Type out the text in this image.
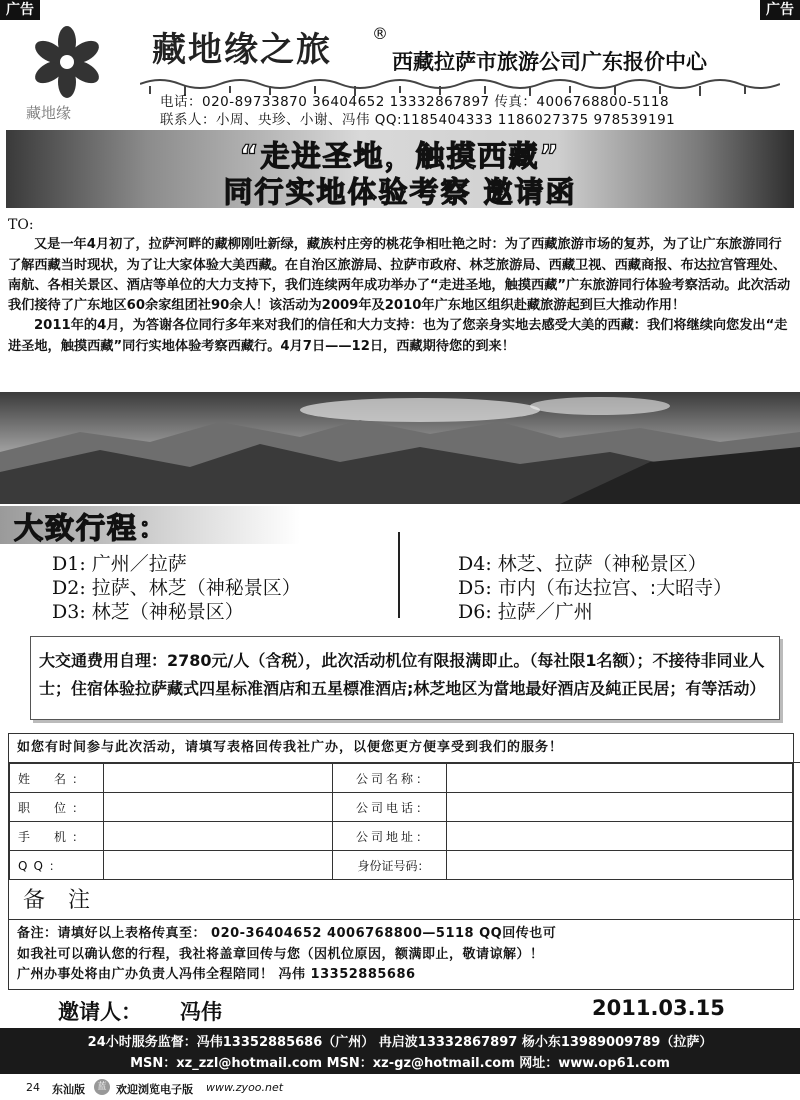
广告	广告
藏地缘
藏地缘之旅	®
西藏拉萨市旅游公司广东报价中心
电话：020-89733870 36404652 13332867897 传真：4006768800-5118
联系人：小周、央珍、小谢、冯伟 QQ:1185404333 1186027375 978539191
“走进圣地，触摸西藏”
同行实地体验考察 邀请函

TO:

又是一年4月初了，拉萨河畔的藏柳刚吐新绿，藏族村庄旁的桃花争相吐艳之时：为了西藏旅游市场的复苏，为了让广东旅游同行了解西藏当时现状，为了让大家体验大美西藏。在自治区旅游局、拉萨市政府、林芝旅游局、西藏卫视、西藏商报、布达拉宫管理处、南航、各相关景区、酒店等单位的大力支持下，我们连续两年成功举办了“走进圣地，触摸西藏”广东旅游同行体验考察活动。此次活动我们接待了广东地区60余家组团社90余人！该活动为2009年及2010年广东地区组织赴藏旅游起到巨大推动作用！

2011年的4月，为答谢各位同行多年来对我们的信任和大力支持：也为了您亲身实地去感受大美的西藏：我们将继续向您发出“走进圣地，触摸西藏”同行实地体验考察西藏行。4月7日——12日，西藏期待您的到来！

大致行程：
D1: 广州／拉萨
D2: 拉萨、林芝（神秘景区）
D3: 林芝（神秘景区）
D4: 林芝、拉萨（神秘景区）
D5: 市内（布达拉宫、:大昭寺）
D6: 拉萨／广州
大交通费用自理：2780元/人（含税），此次活动机位有限报满即止。（每社限1名额）；不接待非同业人士；住宿体验拉萨藏式四星标准酒店和五星標准酒店;林芝地区为當地最好酒店及純正民居；有等活动）
如您有时间参与此次活动，请填写表格回传我社广办，以便您更方便享受到我们的服务！
姓　名：		公司名称：	
职　位：		公司电话：	
手　机：		公司地址：	
QQ：		身份证号码：	
备 注
备注：请填好以上表格传真至： 020-36404652 4006768800—5118 QQ回传也可
如我社可以确认您的行程，我社将盖章回传与您（因机位原因，额满即止，敬请谅解）！
广州办事处将由广办负责人冯伟全程陪同！ 冯伟 13352885686
邀请人： 冯伟	2011.03.15
24小时服务监督：冯伟13352885686（广州） 冉启波13332867897 杨小东13989009789（拉萨）
MSN：xz_zzl@hotmail.com MSN：xz-gz@hotmail.com 网址：www.op61.com
24 东汕版	蓝 欢迎浏览电子版 www.zyoo.net
